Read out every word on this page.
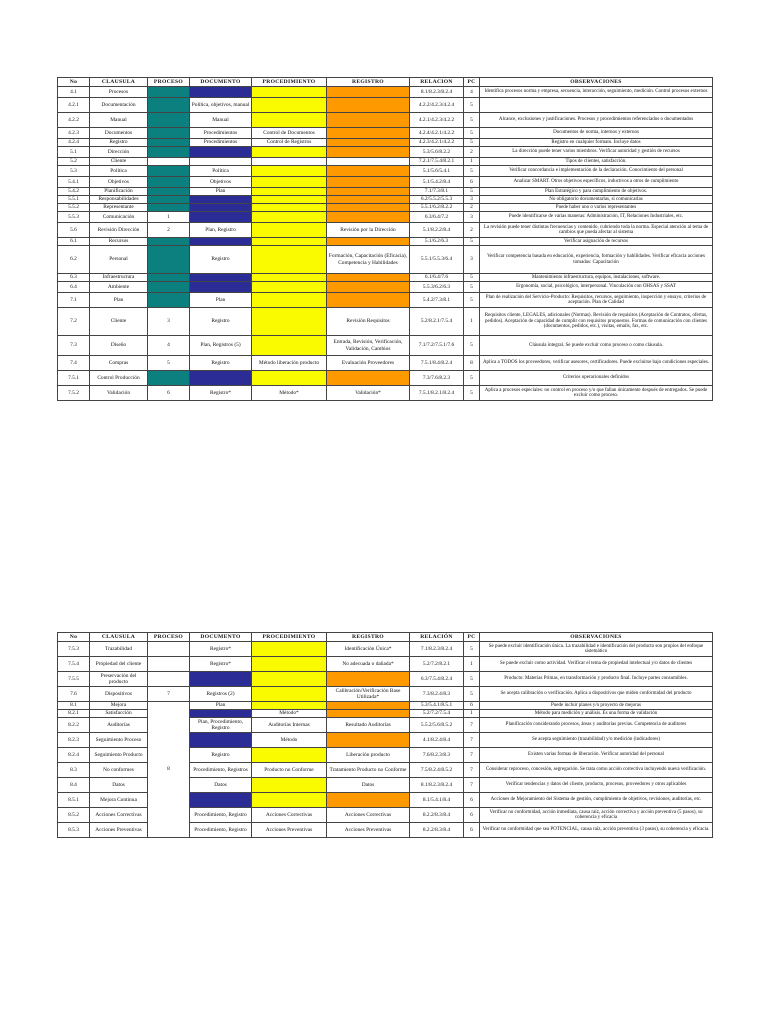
No	CLAUSULA	PROCESO	DOCUMENTO	PROCEDIMIENTO	REGISTRO	RELACION	PC	OBSERVACIONES
4.1	Procesos					8.1/8.2.3/8.2.4	4	Identifica procesos norma y empresa, secuencia, interacción, seguimiento, medición. Control procesos externos
4.2.1	Documentación		Política, objetivos, manual			4.2.2/4.2.3/4.2.4	5	
4.2.2	Manual		Manual			4.2.1/4.2.3/4.2.2	5	Alcance, exclusiones y justificaciones. Procesos y procedimientos referenciados o documentados
4.2.3	Documentos		Procedimientos	Control de Documentos		4.2.4/4.2.1/4.2.2	5	Documentos de norma, internos y externos
4.2.4	Registro		Procedimientos	Control de Registros		4.2.3/4.2.1/4.2.2	5	Registro en cualquier formato. Incluye datos
5.1	Dirección					5.3/5.6/8.2.2	2	La dirección puede tener varios miembros. Verificar autoridad y gestión de recursos
5.2	Cliente					7.2.1/7.5.4/8.2.1	1	Tipos de clientes, satisfacción.
5.3	Política		Política			5.1/5.6/5.4.1	5	Verificar concordancia e implementación de la declaración. Conocimiento del personal
5.4.1	Objetivos		Objetivos			5.1/5.4.2/8.4	6	Analizar SMART. Otros objetivos específicos, inductivos a otros de cumplimiento
5.4.2	Planificación		Plan			7.1/7.3/8.1	5	Plan Estratégico y para cumplimiento de objetivos.
5.5.1	Responsabilidades					6.2/5.5.2/5.5.3	3	No obligatorio documentarlas, si comunicarlas
5.5.2	Representante					5.5.1/6.2/8.2.2	2	Puede haber uno o varios representantes
5.5.3	Comunicación	1				6.3/6.4/7.2	3	Puede identificarse de varias maneras: Administración, IT, Relaciones Industriales, etc.
5.6	Revisión Dirección	2	Plan, Registro		Revisión por la Dirección	5.1/8.2.2/8.4	2	La revisión puede tener distintas frecuencias y contenido, cubriendo toda la norma. Especial atención al tema de cambios que pueda afectar al sistema
6.1	Recursos					5.1/6.2/6.3	5	Verificar asignación de recursos
6.2	Personal		Registro		Formación, Capacitación (Eficacia), Competencia y Habilidades	5.5.1/5.5.3/6.4	3	Verificar competencia basada en educación, experiencia, formación y habilidades. Verificar eficacia acciones tomadas: Capacitación
6.3	Infraestructura					6.1/6.4/7.6	5	Mantenimiento infraestructura, equipos, instalaciones, software.
6.4	Ambiente					5.5.3/6.2/6.3	5	Ergonomía, social, psicológico, interpersonal. Vinculación con OHSAS y SSAT
7.1	Plan		Plan			5.4.2/7.3/8.1	5	Plan de realización del Servicio-Producto: Requisitos, recursos, seguimiento, inspección y ensayo, criterios de aceptación. Plan de Calidad
7.2	Cliente	3	Registro		Revisión Requisitos	5.2/8.2.1/7.5.4	1	Requisitos cliente, LEGALES, adicionales (Normas). Revisión de requisitos (Aceptación de Contratos, ofertas, pedidos). Aceptación de capacidad de cumplir con requisitos propuestos. Formas de comunicación con clientes (documentos, pedidos, etc.), visitas, emails, fax, etc.
7.3	Diseño	4	Plan, Registros (5)		Entrada, Revisión, Verificación, Validación, Cambios	7.1/7.2/7.5.1/7.6	5	Cláusula integral. Se puede excluir como proceso o como cláusula.
7.4	Compras	5	Registro	Método liberación producto	Evaluación Proveedores	7.5.1/8.4/8.2.4	8	Aplica a TODOS los proveedores, verificar asesores, certificadores. Puede excluirse bajo condiciones especiales.
7.5.1	Control Producción					7.3/7.6/8.2.3	5	Criterios operacionales definidos
7.5.2	Validación	6	Registro*	Método*	Validación*	7.5.1/8.2.1/8.2.4	5	Aplica a procesos especiales: no control en proceso y/o que fallan únicamente después de entregados. Se puede excluir como proceso.
No	CLAUSULA	PROCESO	DOCUMENTO	PROCEDIMIENTO	REGISTRO	RELACIÓN	PC	OBSERVACIONES
7.5.3	Trazabilidad		Registro*		Identificación Única*	7.1/8.2.3/8.2.4	5	Se puede excluir identificación única. La trazabilidad e identificación del producto son propios del enfoque sistemático
7.5.4	Propiedad del cliente		Registro*		No adecuada o dañada*	5.2/7.2/8.2.1	1	Se puede excluir como actividad. Verificar el tema de propiedad intelectual y/o datos de clientes
7.5.5	Preservación del producto					6.3/7.5.4/8.2.4	5	Producto: Materias Primas, en transformación y producto final. Incluye partes consumibles.
7.6	Dispositivos	7	Registros (2)		Calibración/Verificación Base Utilizada*	7.3/8.2.4/8.3	5	Se acepta calibración o verificación. Aplica a dispositivos que miden conformidad del producto
8.1	Mejora	8	Plan			5.3/5.4.1/8.5.1	6	Puede incluir planes y/o proyecto de mejoras
8.2.1	Satisfacción			Método*		5.2/7.2/7.5.4	1	Método para medición y análisis. Es una forma de validación
8.2.2	Auditorías		Plan, Procedimiento, Registro	Auditorías Internas	Resultado Auditorías	5.5.2/5.6/8.5.2	7	Planificación considerando procesos, áreas y auditorías previas. Competencia de auditores
8.2.3	Seguimiento Proceso			Método		4.1/8.2.4/8.4	7	Se acepta seguimiento (trazabilidad) y/o medición (indicadores)
8.2.4	Seguimiento Producto		Registro		Liberación producto	7.6/8.2.3/8.3	7	Existen varias formas de liberación. Verificar autoridad del personal
8.3	No conformes		Procedimiento, Registros	Producto no Conforme	Tratamiento Producto no Conforme	7.5/8.2.4/8.5.2	7	Considerar reproceso, concesión, segregación. Se trata como acción correctiva incluyendo nueva verificación.
8.4	Datos		Datos		Datos	8.1/8.2.3/8.2.4	7	Verificar tendencias y datos del cliente, producto, procesos, proveedores y otros aplicables
8.5.1	Mejora Continua					8.1/5.4.1/8.4	6	Acciones de Mejoramiento del Sistema de gestión, cumplimiento de objetivos, revisiones, auditorías, etc.
8.5.2	Acciones Correctivas		Procedimiento, Registro	Acciones Correctivas	Acciones Correctivas	8.2.2/8.3/8.4	6	Verificar no conformidad, acción inmediata, causa raíz, acción correctiva y acción preventiva (5 pasos), su coherencia y eficacia
8.5.3	Acciones Preventivas		Procedimiento, Registro	Acciones Preventivas	Acciones Preventivas	8.2.2/8.3/8.4	6	Verificar no conformidad que sea POTENCIAL, causa raíz, acción preventiva (3 pasos), su coherencia y eficacia.
